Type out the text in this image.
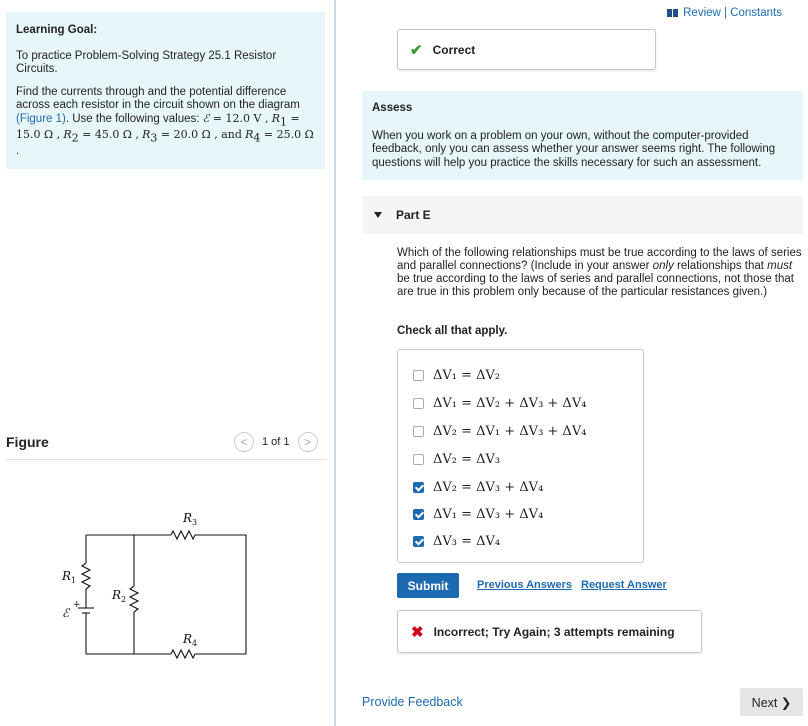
Learning Goal:

To practice Problem-Solving Strategy 25.1 Resistor Circuits.

Find the currents through and the potential difference across each resistor in the circuit shown on the diagram (Figure 1). Use the following values: ℰ = 12.0 V , $R_1 = 15.0$ Ω , $R_2 = 45.0$ Ω , $R_3 = 20.0$ Ω , and $R_4 = 25.0$ Ω
.

Figure	<	1 of 1	>
$R_1$
$R_2$
$R_3$
$R_4$
ℰ
+
Review | Constants
✔ Correct
Assess

When you work on a problem on your own, without the computer-provided feedback, only you can assess whether your answer seems right. The following questions will help you practice the skills necessary for such an assessment.

Part E
Which of the following relationships must be true according to the laws of series and parallel connections? (Include in your answer only relationships that must be true according to the laws of series and parallel connections, not those that are true in this problem only because of the particular resistances given.)
Check all that apply.
ΔV₁ = ΔV₂
ΔV₁ = ΔV₂ + ΔV₃ + ΔV₄
ΔV₂ = ΔV₁ + ΔV₃ + ΔV₄
ΔV₂ = ΔV₃
ΔV₂ = ΔV₃ + ΔV₄
ΔV₁ = ΔV₃ + ΔV₄
ΔV₃ = ΔV₄
Submit	Previous Answers Request Answer
✖ Incorrect; Try Again; 3 attempts remaining
Provide Feedback	Next ❯
